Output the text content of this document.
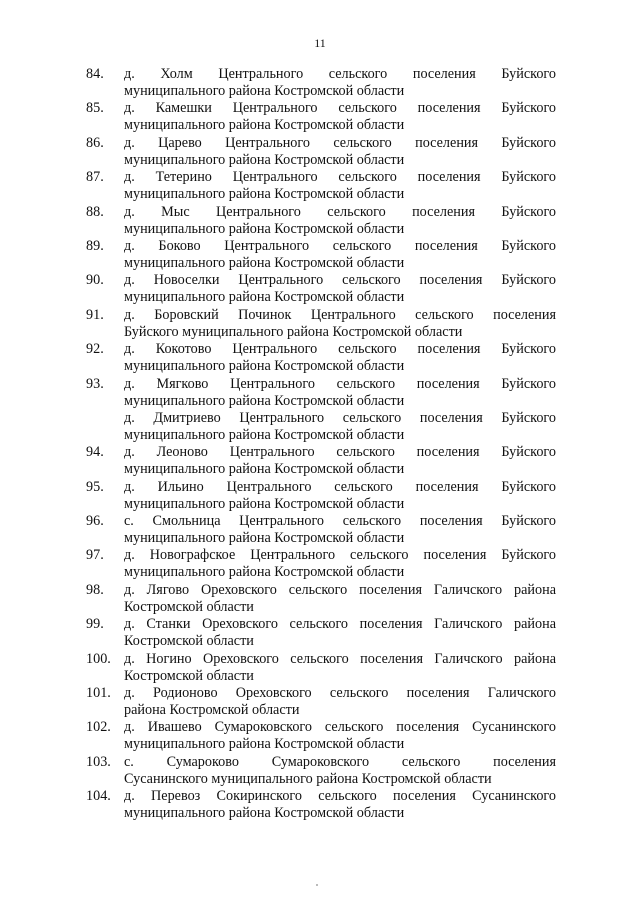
11
84.	д. Холм Центрального сельского поселения Буйского
муниципального района Костромской области
85.	д. Камешки Центрального сельского поселения Буйского
муниципального района Костромской области
86.	д. Царево Центрального сельского поселения Буйского
муниципального района Костромской области
87.	д. Тетерино Центрального сельского поселения Буйского
муниципального района Костромской области
88.	д. Мыс Центрального сельского поселения Буйского
муниципального района Костромской области
89.	д. Боково Центрального сельского поселения Буйского
муниципального района Костромской области
90.	д. Новоселки Центрального сельского поселения Буйского
муниципального района Костромской области
91.	д. Боровский Починок Центрального сельского поселения
Буйского муниципального района Костромской области
92.	д. Кокотово Центрального сельского поселения Буйского
муниципального района Костромской области
93.	д. Мягково Центрального сельского поселения Буйского
муниципального района Костромской области
д. Дмитриево Центрального сельского поселения Буйского
муниципального района Костромской области
94.	д. Леоново Центрального сельского поселения Буйского
муниципального района Костромской области
95.	д. Ильино Центрального сельского поселения Буйского
муниципального района Костромской области
96.	с. Смольница Центрального сельского поселения Буйского
муниципального района Костромской области
97.	д. Новографское Центрального сельского поселения Буйского
муниципального района Костромской области
98.	д. Лягово Ореховского сельского поселения Галичского района
Костромской области
99.	д. Станки Ореховского сельского поселения Галичского района
Костромской области
100. д. Ногино Ореховского сельского поселения Галичского района
Костромской области
101. д. Родионово Ореховского сельского поселения Галичского
района Костромской области
102. д. Ивашево Сумароковского сельского поселения Сусанинского
муниципального района Костромской области
103. с. Сумароково Сумароковского сельского поселения
Сусанинского муниципального района Костромской области
104. д. Перевоз Сокиринского сельского поселения Сусанинского
муниципального района Костромской области
